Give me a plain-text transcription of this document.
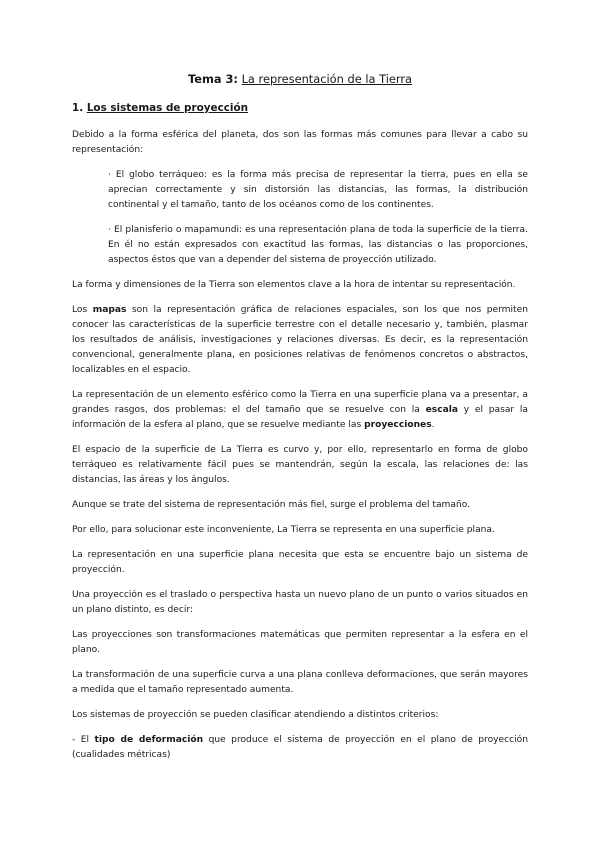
Tema 3: La representación de la Tierra
1. Los sistemas de proyección

Debido a la forma esférica del planeta, dos son las formas más comunes para llevar a cabo su representación:

· El globo terráqueo: es la forma más precisa de representar la tierra, pues en ella se aprecian correctamente y sin distorsión las distancias, las formas, la distribución continental y el tamaño, tanto de los océanos como de los continentes.

· El planisferio o mapamundi: es una representación plana de toda la superficie de la tierra. En él no están expresados con exactitud las formas, las distancias o las proporciones, aspectos éstos que van a depender del sistema de proyección utilizado.

La forma y dimensiones de la Tierra son elementos clave a la hora de intentar su representación.

Los mapas son la representación gráfica de relaciones espaciales, son los que nos permiten conocer las características de la superficie terrestre con el detalle necesario y, también, plasmar los resultados de análisis, investigaciones y relaciones diversas. Es decir, es la representación convencional, generalmente plana, en posiciones relativas de fenómenos concretos o abstractos, localizables en el espacio.

La representación de un elemento esférico como la Tierra en una superficie plana va a presentar, a grandes rasgos, dos problemas: el del tamaño que se resuelve con la escala y el pasar la información de la esfera al plano, que se resuelve mediante las proyecciones.

El espacio de la superficie de La Tierra es curvo y, por ello, representarlo en forma de globo terráqueo es relativamente fácil pues se mantendrán, según la escala, las relaciones de: las distancias, las áreas y los ángulos.

Aunque se trate del sistema de representación más fiel, surge el problema del tamaño.

Por ello, para solucionar este inconveniente, La Tierra se representa en una superficie plana.

La representación en una superficie plana necesita que esta se encuentre bajo un sistema de proyección.

Una proyección es el traslado o perspectiva hasta un nuevo plano de un punto o varios situados en un plano distinto, es decir:

Las proyecciones son transformaciones matemáticas que permiten representar a la esfera en el plano.

La transformación de una superficie curva a una plana conlleva deformaciones, que serán mayores a medida que el tamaño representado aumenta.

Los sistemas de proyección se pueden clasificar atendiendo a distintos criterios:

- El tipo de deformación que produce el sistema de proyección en el plano de proyección (cualidades métricas)
